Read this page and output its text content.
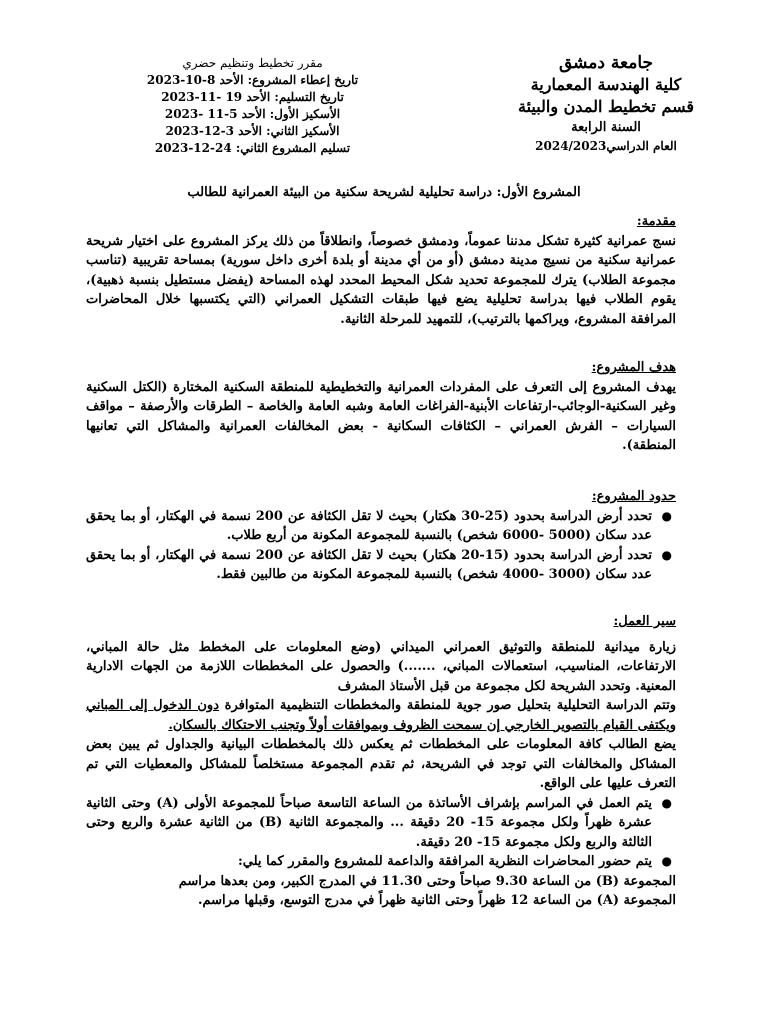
جامعة دمشق
كلية الهندسة المعمارية
قسم تخطيط المدن والبيئة
السنة الرابعة
العام الدراسي2024/2023
مقرر تخطيط وتنظيم حضري
تاريخ إعطاء المشروع: الأحد 8-10-2023
تاريخ التسليم: الأحد 19 -11-2023
الأسكيز الأول: الأحد 5-11 -2023
الأسكيز الثاني: الأحد 3-12-2023
تسليم المشروع الثاني: 24-12-2023
المشروع الأول: دراسة تحليلية لشريحة سكنية من البيئة العمرانية للطالب
مقدمة:

نسج عمرانية كثيرة تشكل مدننا عموماً، ودمشق خصوصاً، وانطلاقاً من ذلك يركز المشروع على اختيار شريحة عمرانية سكنية من نسيج مدينة دمشق (أو من أي مدينة أو بلدة أخرى داخل سورية) بمساحة تقريبية (تناسب مجموعة الطلاب) يترك للمجموعة تحديد شكل المحيط المحدد لهذه المساحة (يفضل مستطيل بنسبة ذهبية)، يقوم الطلاب فيها بدراسة تحليلية يضع فيها طبقات التشكيل العمراني (التي يكتسبها خلال المحاضرات المرافقة المشروع، ويراكمها بالترتيب)، للتمهيد للمرحلة الثانية.

هدف المشروع:

يهدف المشروع إلى التعرف على المفردات العمرانية والتخطيطية للمنطقة السكنية المختارة (الكتل السكنية وغير السكنية-الوجائب-ارتفاعات الأبنية-الفراغات العامة وشبه العامة والخاصة – الطرقات والأرصفة – مواقف السيارات – الفرش العمراني – الكثافات السكانية - بعض المخالفات العمرانية والمشاكل التي تعانيها المنطقة).

حدود المشروع:
●
تحدد أرض الدراسة بحدود (25-30 هكتار) بحيث لا تقل الكثافة عن 200 نسمة في الهكتار، أو بما يحقق عدد سكان (5000 -6000 شخص) بالنسبة للمجموعة المكونة من أربع طلاب.
●
تحدد أرض الدراسة بحدود (15-20 هكتار) بحيث لا تقل الكثافة عن 200 نسمة في الهكتار، أو بما يحقق عدد سكان (3000 -4000 شخص) بالنسبة للمجموعة المكونة من طالبين فقط.
سير العمل:

زيارة ميدانية للمنطقة والتوثيق العمراني الميداني (وضع المعلومات على المخطط مثل حالة المباني، الارتفاعات، المناسيب، استعمالات المباني، .......) والحصول على المخططات اللازمة من الجهات الادارية المعنية. وتحدد الشريحة لكل مجموعة من قبل الأستاذ المشرف

وتتم الدراسة التحليلية بتحليل صور جوية للمنطقة والمخططات التنظيمية المتوافرة دون الدخول إلى المباني ويكتفى القيام بالتصوير الخارجي إن سمحت الظروف وبموافقات أولاً وتجنب الاحتكاك بالسكان.

يضع الطالب كافة المعلومات على المخططات ثم يعكس ذلك بالمخططات البيانية والجداول ثم يبين بعض المشاكل والمخالفات التي توجد في الشريحة، ثم تقدم المجموعة مستخلصاً للمشاكل والمعطيات التي تم التعرف عليها على الواقع.

●
يتم العمل في المراسم بإشراف الأساتذة من الساعة التاسعة صباحاً للمجموعة الأولى (A) وحتى الثانية عشرة ظهراً ولكل مجموعة 15- 20 دقيقة ... والمجموعة الثانية (B) من الثانية عشرة والربع وحتى الثالثة والربع ولكل مجموعة 15- 20 دقيقة.
●
يتم حضور المحاضرات النظرية المرافقة والداعمة للمشروع والمقرر كما يلي:

المجموعة (B) من الساعة 9.30 صباحاً وحتى 11.30 في المدرج الكبير، ومن بعدها مراسم

المجموعة (A) من الساعة 12 ظهراً وحتى الثانية ظهراً في مدرج التوسع، وقبلها مراسم.
